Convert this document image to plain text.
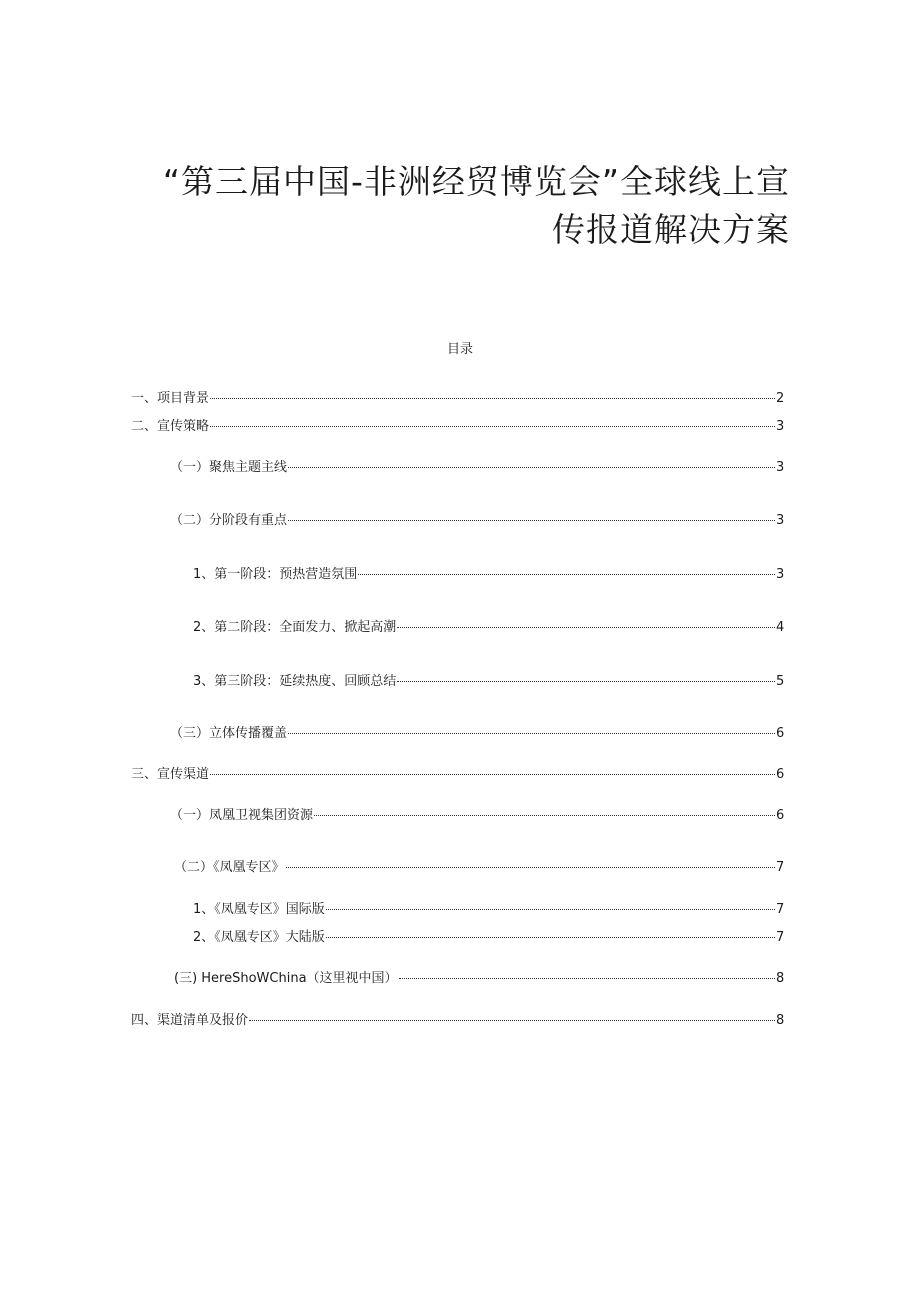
“第三届中国-非洲经贸博览会”全球线上宣
传报道解决方案
目录
一、项目背景	2
二、宣传策略	3
（一）聚焦主题主线	3
（二）分阶段有重点	3
1、第一阶段：预热营造氛围	3
2、第二阶段：全面发力、掀起高潮	4
3、第三阶段：延续热度、回顾总结	5
（三）立体传播覆盖	6
三、宣传渠道	6
（一）凤凰卫视集团资源	6
（二）《凤凰专区》	7
1、《凤凰专区》国际版	7
2、《凤凰专区》大陆版	7
(三) HereShoWChina（这里视中国）	8
四、渠道清单及报价	8
